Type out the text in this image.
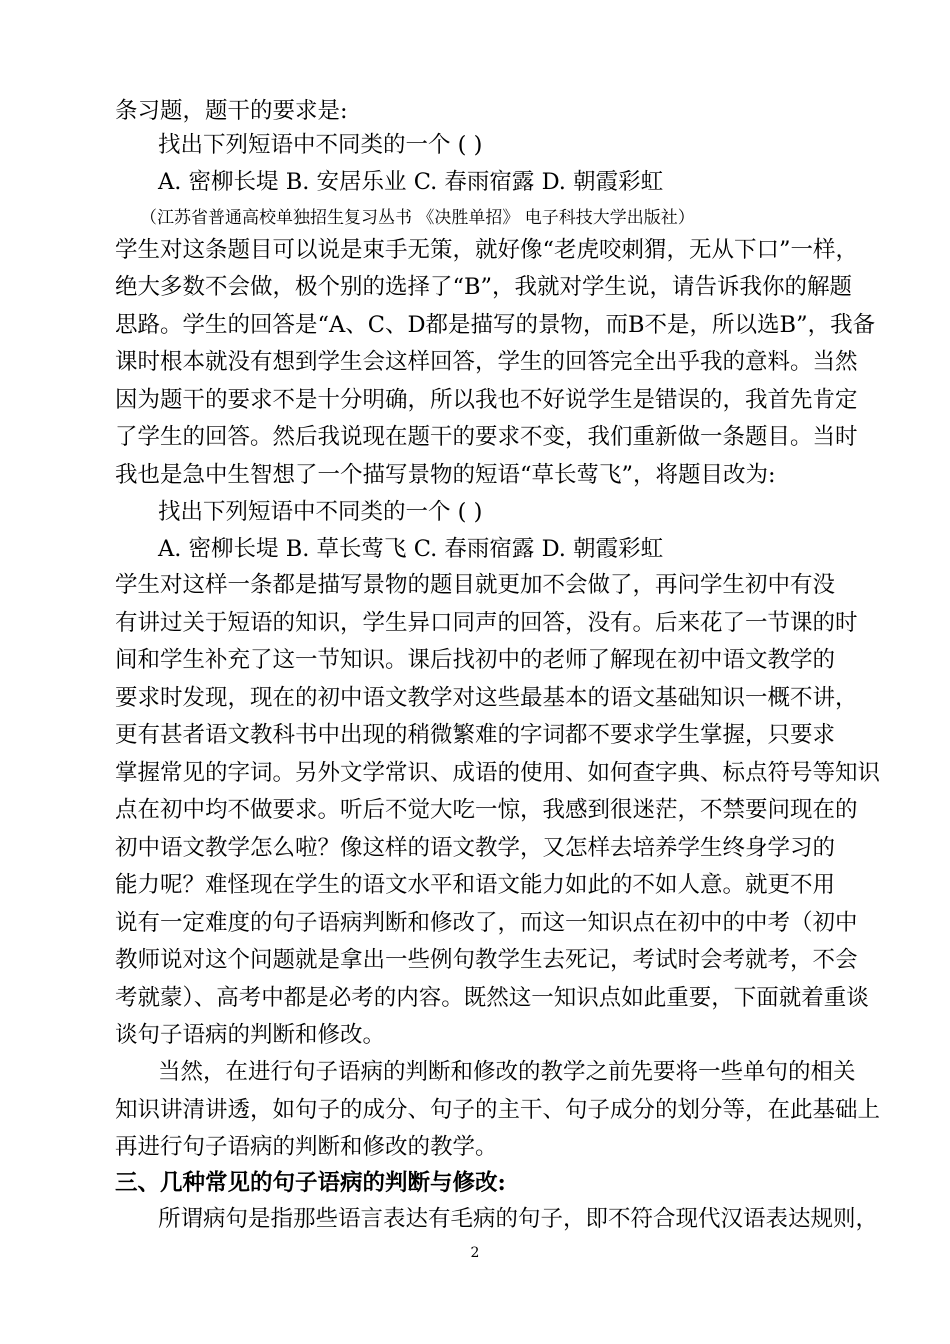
条习题，题干的要求是:
找出下列短语中不同类的一个 ( )
A. 密柳长堤 B. 安居乐业 C. 春雨宿露 D. 朝霞彩虹
（江苏省普通高校单独招生复习丛书 《决胜单招》 电子科技大学出版社）
学生对这条题目可以说是束手无策，就好像“老虎咬刺猬，无从下口”一样，
绝大多数不会做，极个别的选择了“B”，我就对学生说，请告诉我你的解题
思路。学生的回答是“A、C、D都是描写的景物，而B不是，所以选B”，我备
课时根本就没有想到学生会这样回答，学生的回答完全出乎我的意料。当然
因为题干的要求不是十分明确，所以我也不好说学生是错误的，我首先肯定
了学生的回答。然后我说现在题干的要求不变，我们重新做一条题目。当时
我也是急中生智想了一个描写景物的短语“草长莺飞”，将题目改为:
找出下列短语中不同类的一个 ( )
A. 密柳长堤 B. 草长莺飞 C. 春雨宿露 D. 朝霞彩虹
学生对这样一条都是描写景物的题目就更加不会做了，再问学生初中有没
有讲过关于短语的知识，学生异口同声的回答，没有。后来花了一节课的时
间和学生补充了这一节知识。课后找初中的老师了解现在初中语文教学的
要求时发现，现在的初中语文教学对这些最基本的语文基础知识一概不讲，
更有甚者语文教科书中出现的稍微繁难的字词都不要求学生掌握，只要求
掌握常见的字词。另外文学常识、成语的使用、如何查字典、标点符号等知识
点在初中均不做要求。听后不觉大吃一惊，我感到很迷茫，不禁要问现在的
初中语文教学怎么啦？像这样的语文教学，又怎样去培养学生终身学习的
能力呢？难怪现在学生的语文水平和语文能力如此的不如人意。就更不用
说有一定难度的句子语病判断和修改了，而这一知识点在初中的中考（初中
教师说对这个问题就是拿出一些例句教学生去死记，考试时会考就考，不会
考就蒙）、高考中都是必考的内容。既然这一知识点如此重要，下面就着重谈
谈句子语病的判断和修改。
当然，在进行句子语病的判断和修改的教学之前先要将一些单句的相关
知识讲清讲透，如句子的成分、句子的主干、句子成分的划分等，在此基础上
再进行句子语病的判断和修改的教学。
三、几种常见的句子语病的判断与修改:
所谓病句是指那些语言表达有毛病的句子，即不符合现代汉语表达规则，
2
